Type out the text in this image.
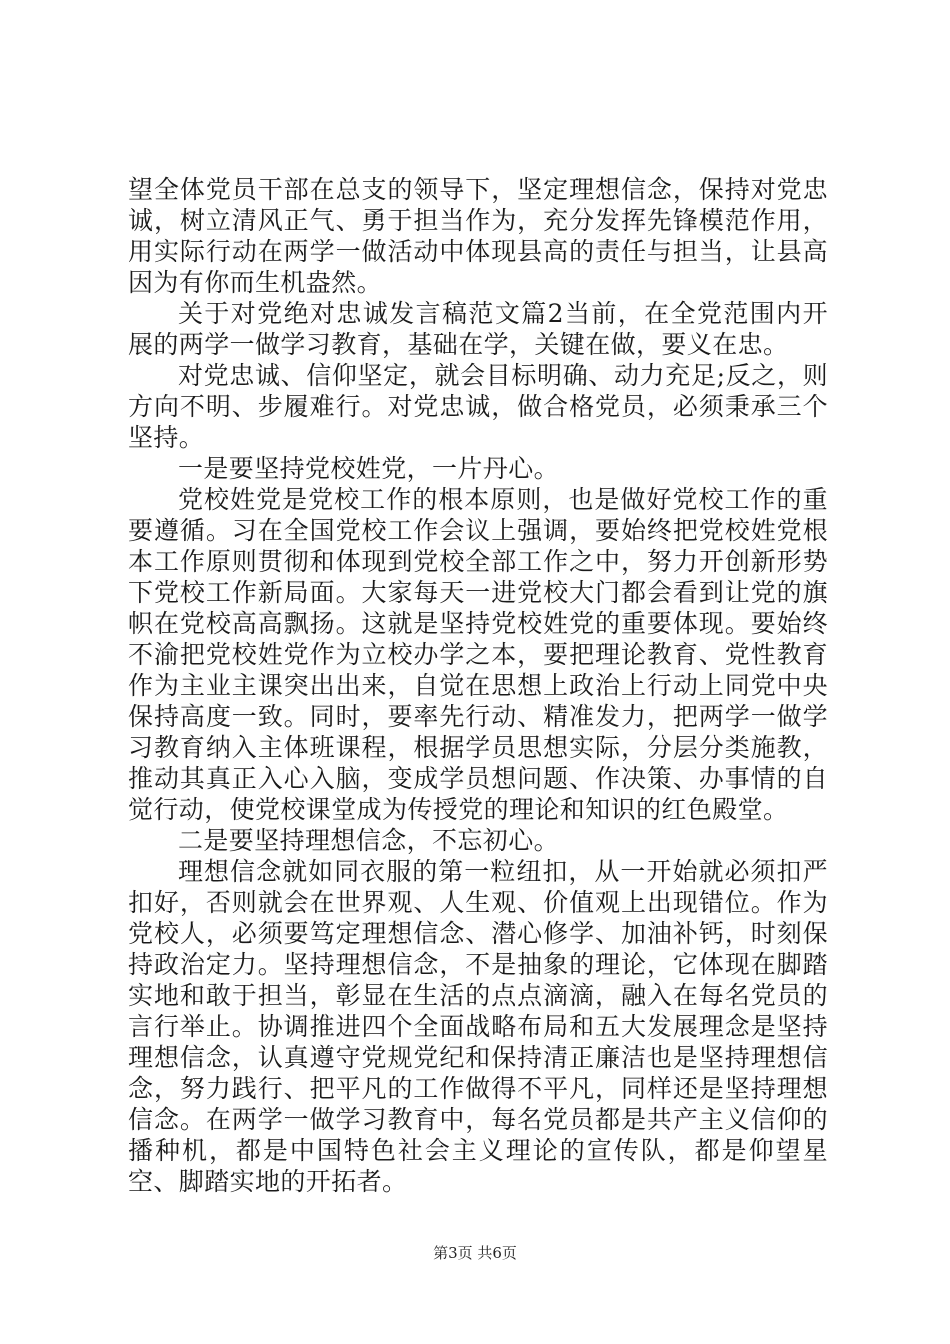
望全体党员干部在总支的领导下，坚定理想信念，保持对党忠诚，树立清风正气、勇于担当作为，充分发挥先锋模范作用，用实际行动在两学一做活动中体现县高的责任与担当，让县高因为有你而生机盎然。

关于对党绝对忠诚发言稿范文篇2当前，在全党范围内开展的两学一做学习教育，基础在学，关键在做，要义在忠。

对党忠诚、信仰坚定，就会目标明确、动力充足;反之，则方向不明、步履难行。对党忠诚，做合格党员，必须秉承三个坚持。

一是要坚持党校姓党，一片丹心。

党校姓党是党校工作的根本原则，也是做好党校工作的重要遵循。习在全国党校工作会议上强调，要始终把党校姓党根本工作原则贯彻和体现到党校全部工作之中，努力开创新形势下党校工作新局面。大家每天一进党校大门都会看到让党的旗帜在党校高高飘扬。这就是坚持党校姓党的重要体现。要始终不渝把党校姓党作为立校办学之本，要把理论教育、党性教育作为主业主课突出出来，自觉在思想上政治上行动上同党中央保持高度一致。同时，要率先行动、精准发力，把两学一做学习教育纳入主体班课程，根据学员思想实际，分层分类施教，推动其真正入心入脑，变成学员想问题、作决策、办事情的自觉行动，使党校课堂成为传授党的理论和知识的红色殿堂。

二是要坚持理想信念，不忘初心。

理想信念就如同衣服的第一粒纽扣，从一开始就必须扣严扣好，否则就会在世界观、人生观、价值观上出现错位。作为党校人，必须要笃定理想信念、潜心修学、加油补钙，时刻保持政治定力。坚持理想信念，不是抽象的理论，它体现在脚踏实地和敢于担当，彰显在生活的点点滴滴，融入在每名党员的言行举止。协调推进四个全面战略布局和五大发展理念是坚持理想信念，认真遵守党规党纪和保持清正廉洁也是坚持理想信念，努力践行、把平凡的工作做得不平凡，同样还是坚持理想信念。在两学一做学习教育中，每名党员都是共产主义信仰的播种机，都是中国特色社会主义理论的宣传队，都是仰望星空、脚踏实地的开拓者。

第3页 共6页
